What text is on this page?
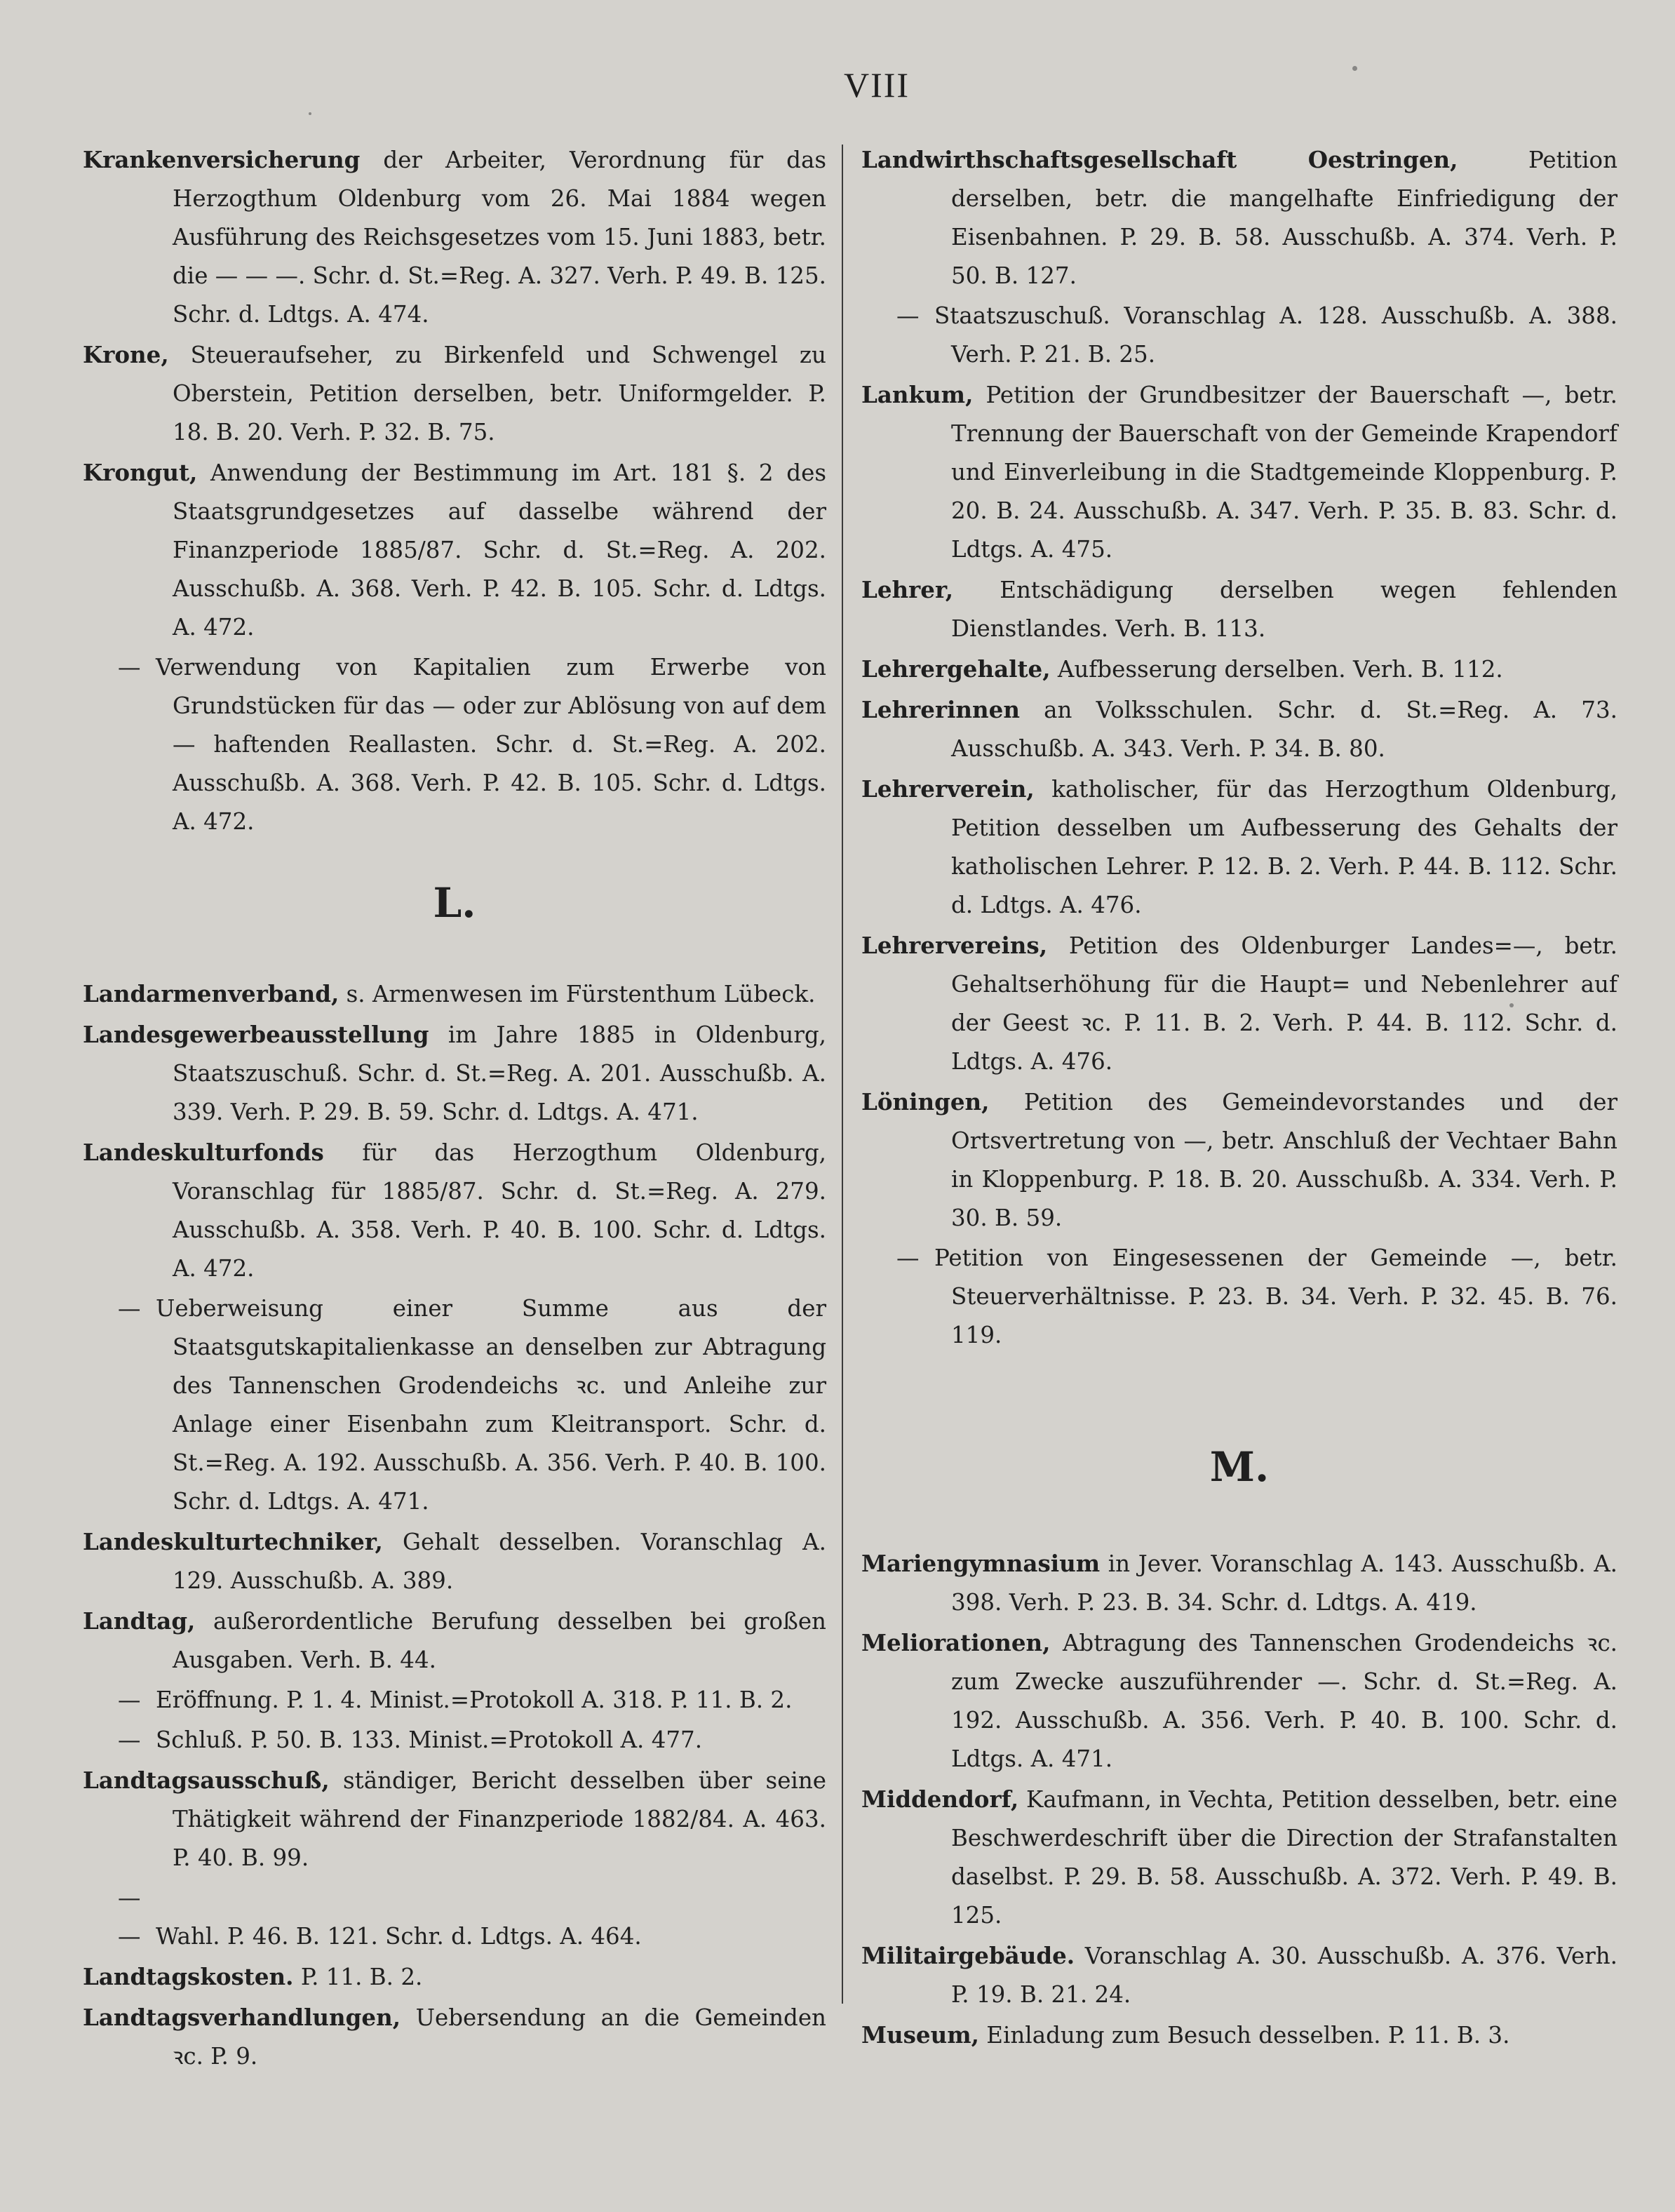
VIII

Krankenversicherung der Arbeiter, Verordnung für das Herzogthum Oldenburg vom 26. Mai 1884 wegen Ausführung des Reichsgesetzes vom 15. Juni 1883, betr. die — — —. Schr. d. St.=Reg. A. 327. Verh. P. 49. B. 125. Schr. d. Ldtgs. A. 474.

Krone, Steueraufseher, zu Birkenfeld und Schwengel zu Oberstein, Petition derselben, betr. Uniformgelder. P. 18. B. 20. Verh. P. 32. B. 75.

Krongut, Anwendung der Bestimmung im Art. 181 §. 2 des Staatsgrundgesetzes auf dasselbe während der Finanzperiode 1885/87. Schr. d. St.=Reg. A. 202. Ausschußb. A. 368. Verh. P. 42. B. 105. Schr. d. Ldtgs. A. 472.

— Verwendung von Kapitalien zum Erwerbe von Grundstücken für das — oder zur Ablösung von auf dem — haftenden Reallasten. Schr. d. St.=Reg. A. 202. Ausschußb. A. 368. Verh. P. 42. B. 105. Schr. d. Ldtgs. A. 472.

L.

Landarmenverband, s. Armenwesen im Fürstenthum Lübeck.

Landesgewerbeausstellung im Jahre 1885 in Oldenburg, Staatszuschuß. Schr. d. St.=Reg. A. 201. Ausschußb. A. 339. Verh. P. 29. B. 59. Schr. d. Ldtgs. A. 471.

Landeskulturfonds für das Herzogthum Oldenburg, Voranschlag für 1885/87. Schr. d. St.=Reg. A. 279. Ausschußb. A. 358. Verh. P. 40. B. 100. Schr. d. Ldtgs. A. 472.

— Ueberweisung einer Summe aus der Staatsgutskapitalienkasse an denselben zur Abtragung des Tannenschen Grodendeichs ꝛc. und Anleihe zur Anlage einer Eisenbahn zum Kleitransport. Schr. d. St.=Reg. A. 192. Ausschußb. A. 356. Verh. P. 40. B. 100. Schr. d. Ldtgs. A. 471.

Landeskulturtechniker, Gehalt desselben. Voranschlag A. 129. Ausschußb. A. 389.

Landtag, außerordentliche Berufung desselben bei großen Ausgaben. Verh. B. 44.

— Eröffnung. P. 1. 4. Minist.=Protokoll A. 318. P. 11. B. 2.

— Schluß. P. 50. B. 133. Minist.=Protokoll A. 477.

Landtagsausschuß, ständiger, Bericht desselben über seine Thätigkeit während der Finanzperiode 1882/84. A. 463. P. 40. B. 99.

— — Wahl. P. 46. B. 121. Schr. d. Ldtgs. A. 464.

Landtagskosten. P. 11. B. 2.

Landtagsverhandlungen, Uebersendung an die Gemeinden ꝛc. P. 9.

Landwirthschaftsgesellschaft Oestringen, Petition derselben, betr. die mangelhafte Einfriedigung der Eisenbahnen. P. 29. B. 58. Ausschußb. A. 374. Verh. P. 50. B. 127.

— Staatszuschuß. Voranschlag A. 128. Ausschußb. A. 388. Verh. P. 21. B. 25.

Lankum, Petition der Grundbesitzer der Bauerschaft —, betr. Trennung der Bauerschaft von der Gemeinde Krapendorf und Einverleibung in die Stadtgemeinde Kloppenburg. P. 20. B. 24. Ausschußb. A. 347. Verh. P. 35. B. 83. Schr. d. Ldtgs. A. 475.

Lehrer, Entschädigung derselben wegen fehlenden Dienstlandes. Verh. B. 113.

Lehrergehalte, Aufbesserung derselben. Verh. B. 112.

Lehrerinnen an Volksschulen. Schr. d. St.=Reg. A. 73. Ausschußb. A. 343. Verh. P. 34. B. 80.

Lehrerverein, katholischer, für das Herzogthum Oldenburg, Petition desselben um Aufbesserung des Gehalts der katholischen Lehrer. P. 12. B. 2. Verh. P. 44. B. 112. Schr. d. Ldtgs. A. 476.

Lehrervereins, Petition des Oldenburger Landes=—, betr. Gehaltserhöhung für die Haupt= und Nebenlehrer auf der Geest ꝛc. P. 11. B. 2. Verh. P. 44. B. 112. Schr. d. Ldtgs. A. 476.

Löningen, Petition des Gemeindevorstandes und der Ortsvertretung von —, betr. Anschluß der Vechtaer Bahn in Kloppenburg. P. 18. B. 20. Ausschußb. A. 334. Verh. P. 30. B. 59.

— Petition von Eingesessenen der Gemeinde —, betr. Steuerverhältnisse. P. 23. B. 34. Verh. P. 32. 45. B. 76. 119.

M.

Mariengymnasium in Jever. Voranschlag A. 143. Ausschußb. A. 398. Verh. P. 23. B. 34. Schr. d. Ldtgs. A. 419.

Meliorationen, Abtragung des Tannenschen Grodendeichs ꝛc. zum Zwecke auszuführender —. Schr. d. St.=Reg. A. 192. Ausschußb. A. 356. Verh. P. 40. B. 100. Schr. d. Ldtgs. A. 471.

Middendorf, Kaufmann, in Vechta, Petition desselben, betr. eine Beschwerdeschrift über die Direction der Strafanstalten daselbst. P. 29. B. 58. Ausschußb. A. 372. Verh. P. 49. B. 125.

Militairgebäude. Voranschlag A. 30. Ausschußb. A. 376. Verh. P. 19. B. 21. 24.

Museum, Einladung zum Besuch desselben. P. 11. B. 3.
